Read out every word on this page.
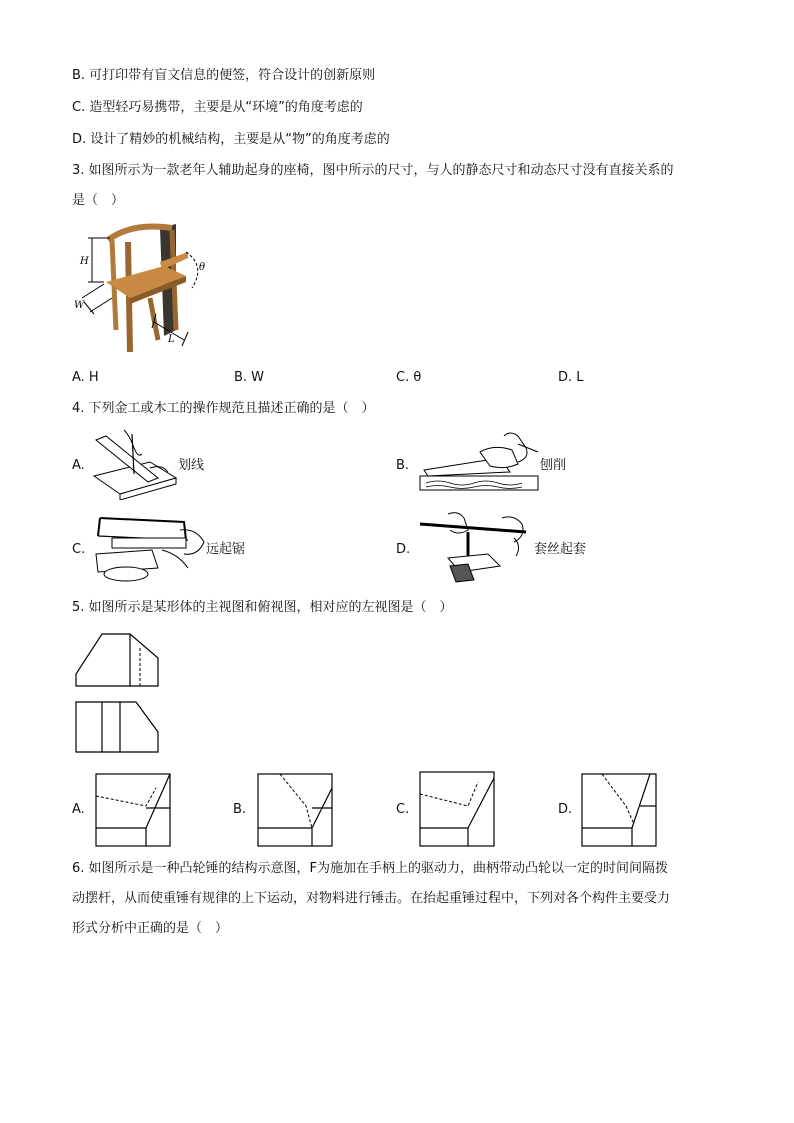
B. 可打印带有盲文信息的便签，符合设计的创新原则
C. 造型轻巧易携带，主要是从“环境”的角度考虑的
D. 设计了精妙的机械结构，主要是从“物”的角度考虑的
3. 如图所示为一款老年人辅助起身的座椅，图中所示的尺寸，与人的静态尺寸和动态尺寸没有直接关系的
是（　）
H
W
θ
L
A. H	B. W	C. θ	D. L
4. 下列金工或木工的操作规范且描述正确的是（　）
A.	划线	B.	刨削
C.	远起锯	D.	套丝起套
5. 如图所示是某形体的主视图和俯视图，相对应的左视图是（　）
A.	B.	C.	D.
6. 如图所示是一种凸轮锤的结构示意图，F为施加在手柄上的驱动力，曲柄带动凸轮以一定的时间间隔拨
动摆杆，从而使重锤有规律的上下运动，对物料进行锤击。在抬起重锤过程中，下列对各个构件主要受力
形式分析中正确的是（　）
